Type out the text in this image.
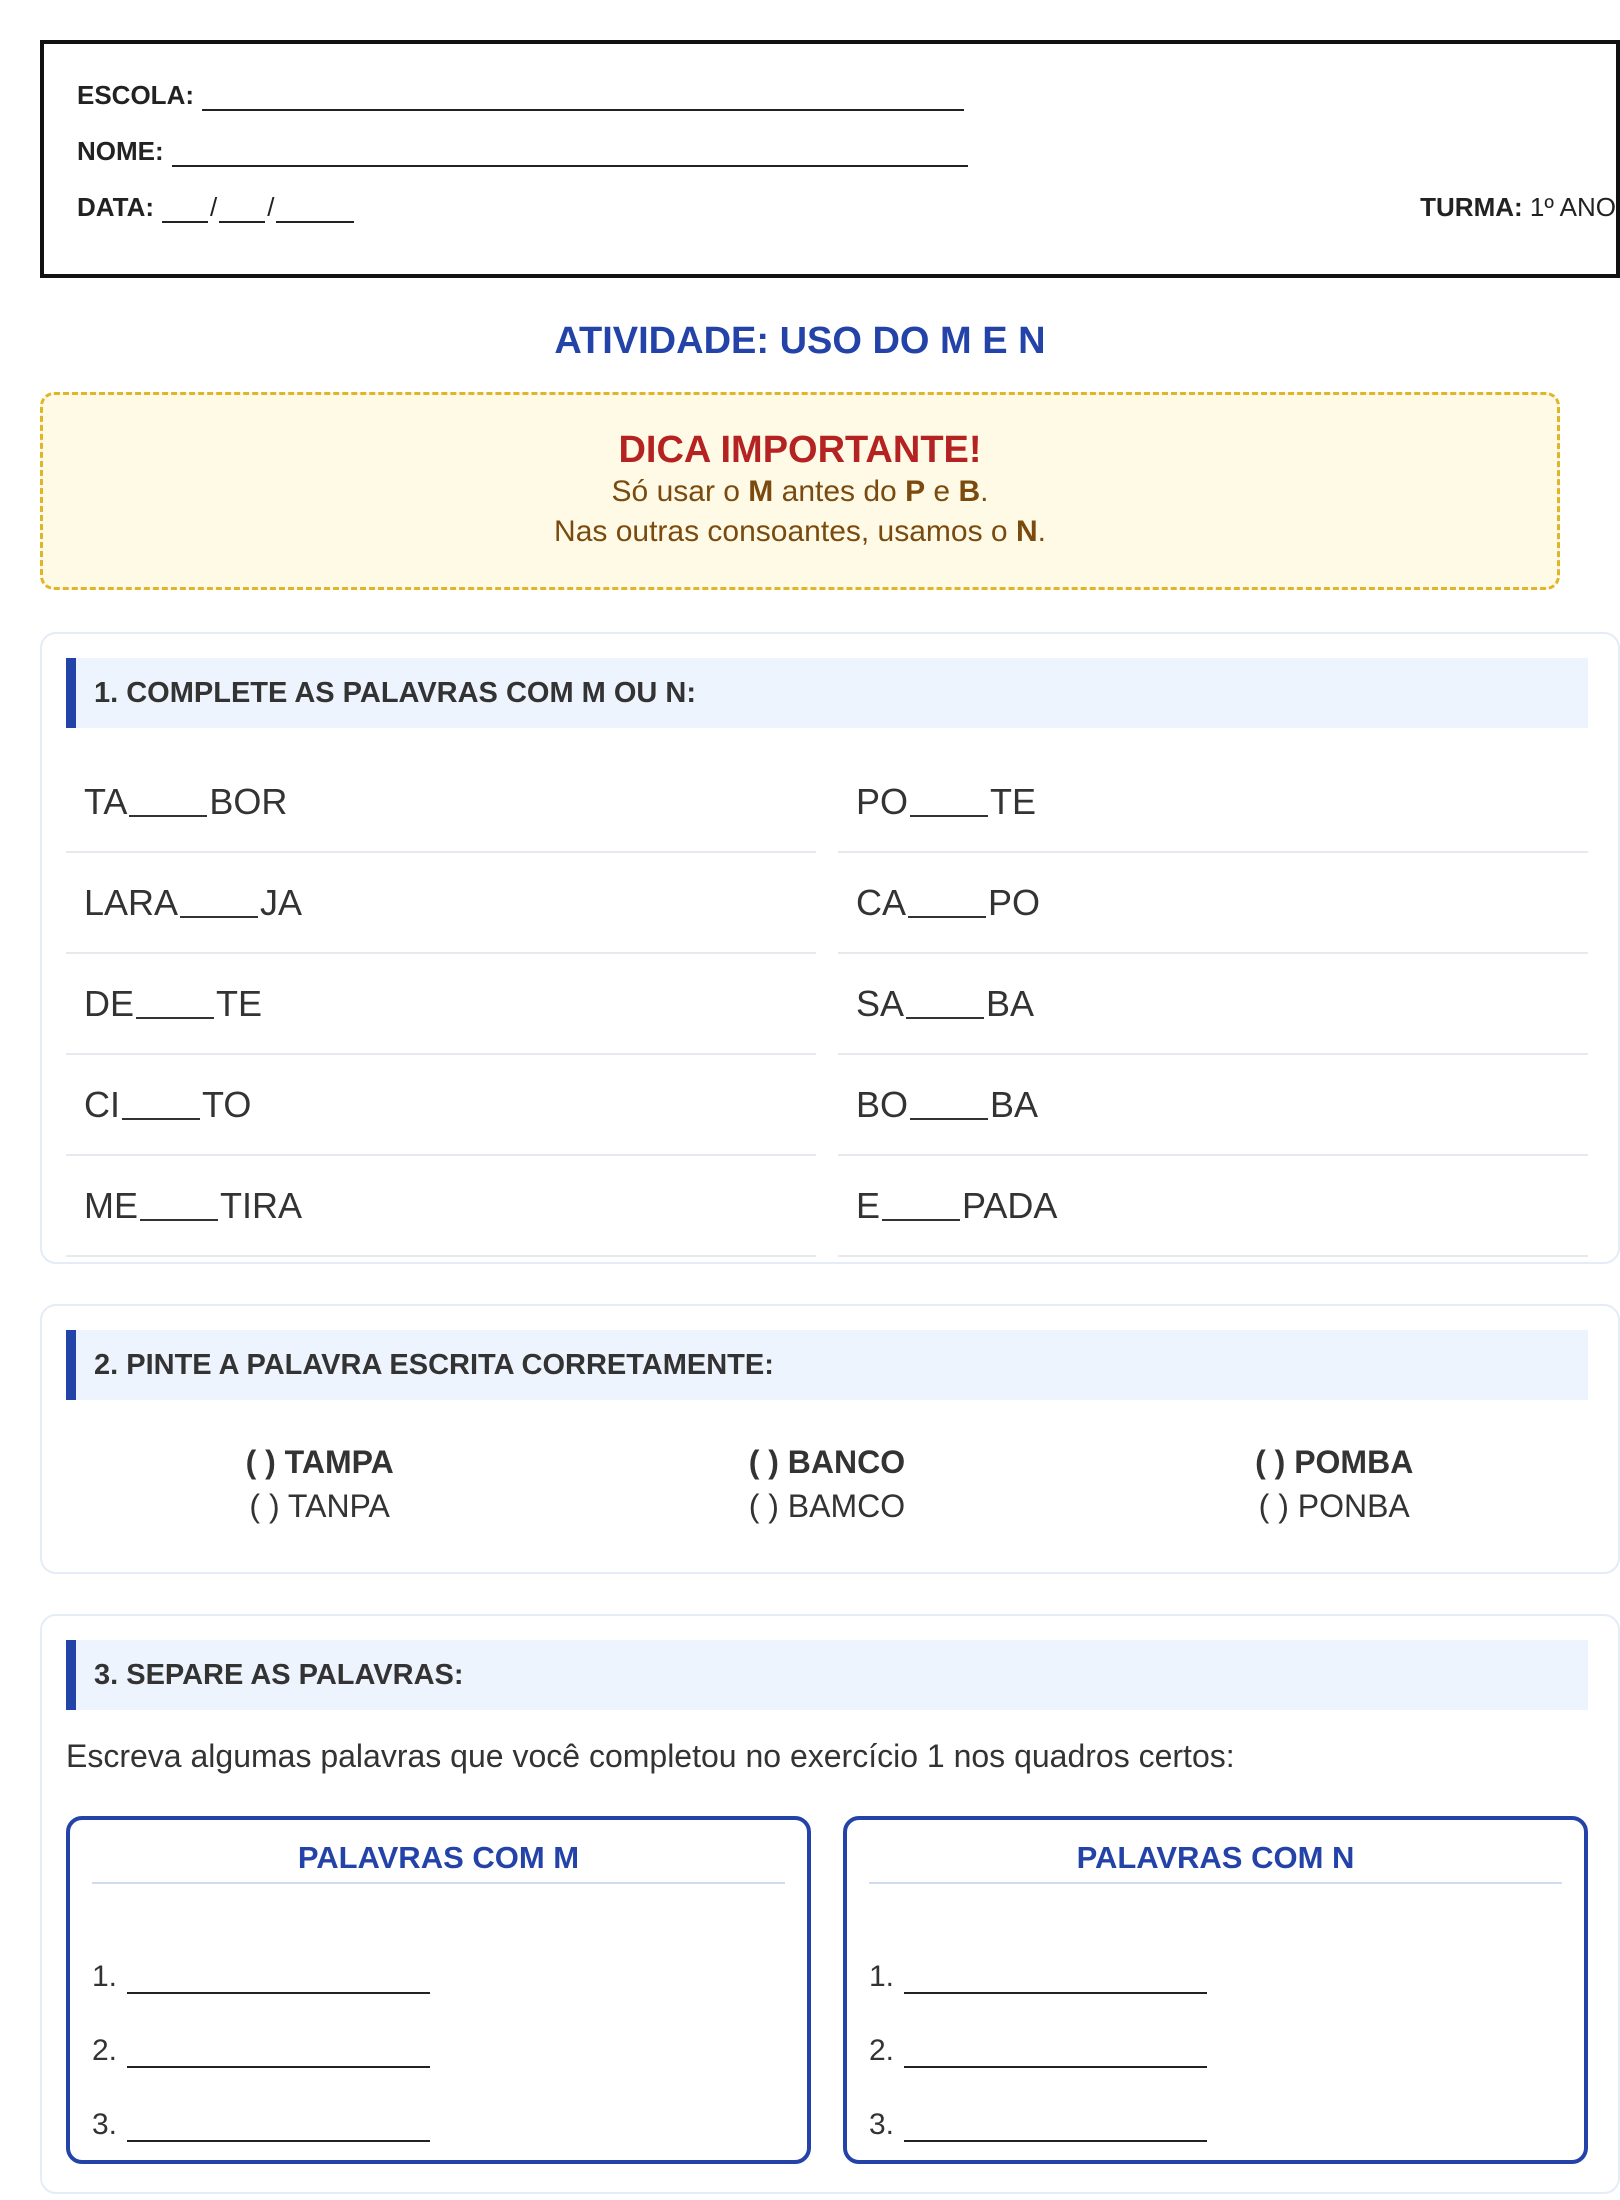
ESCOLA:
NOME:
DATA: / /	TURMA: 1º ANO
ATIVIDADE: USO DO M E N
DICA IMPORTANTE!
Só usar o M antes do P e B.
Nas outras consoantes, usamos o N.
1. COMPLETE AS PALAVRAS COM M OU N:
TA BOR
LARA JA
DE TE
CI TO
ME TIRA
PO TE
CA PO
SA BA
BO BA
E PADA
2. PINTE A PALAVRA ESCRITA CORRETAMENTE:
( ) TAMPA
( ) TANPA
( ) BANCO
( ) BAMCO
( ) POMBA
( ) PONBA
3. SEPARE AS PALAVRAS:
Escreva algumas palavras que você completou no exercício 1 nos quadros certos:
PALAVRAS COM M
1.
2.
3.
PALAVRAS COM N
1.
2.
3.
